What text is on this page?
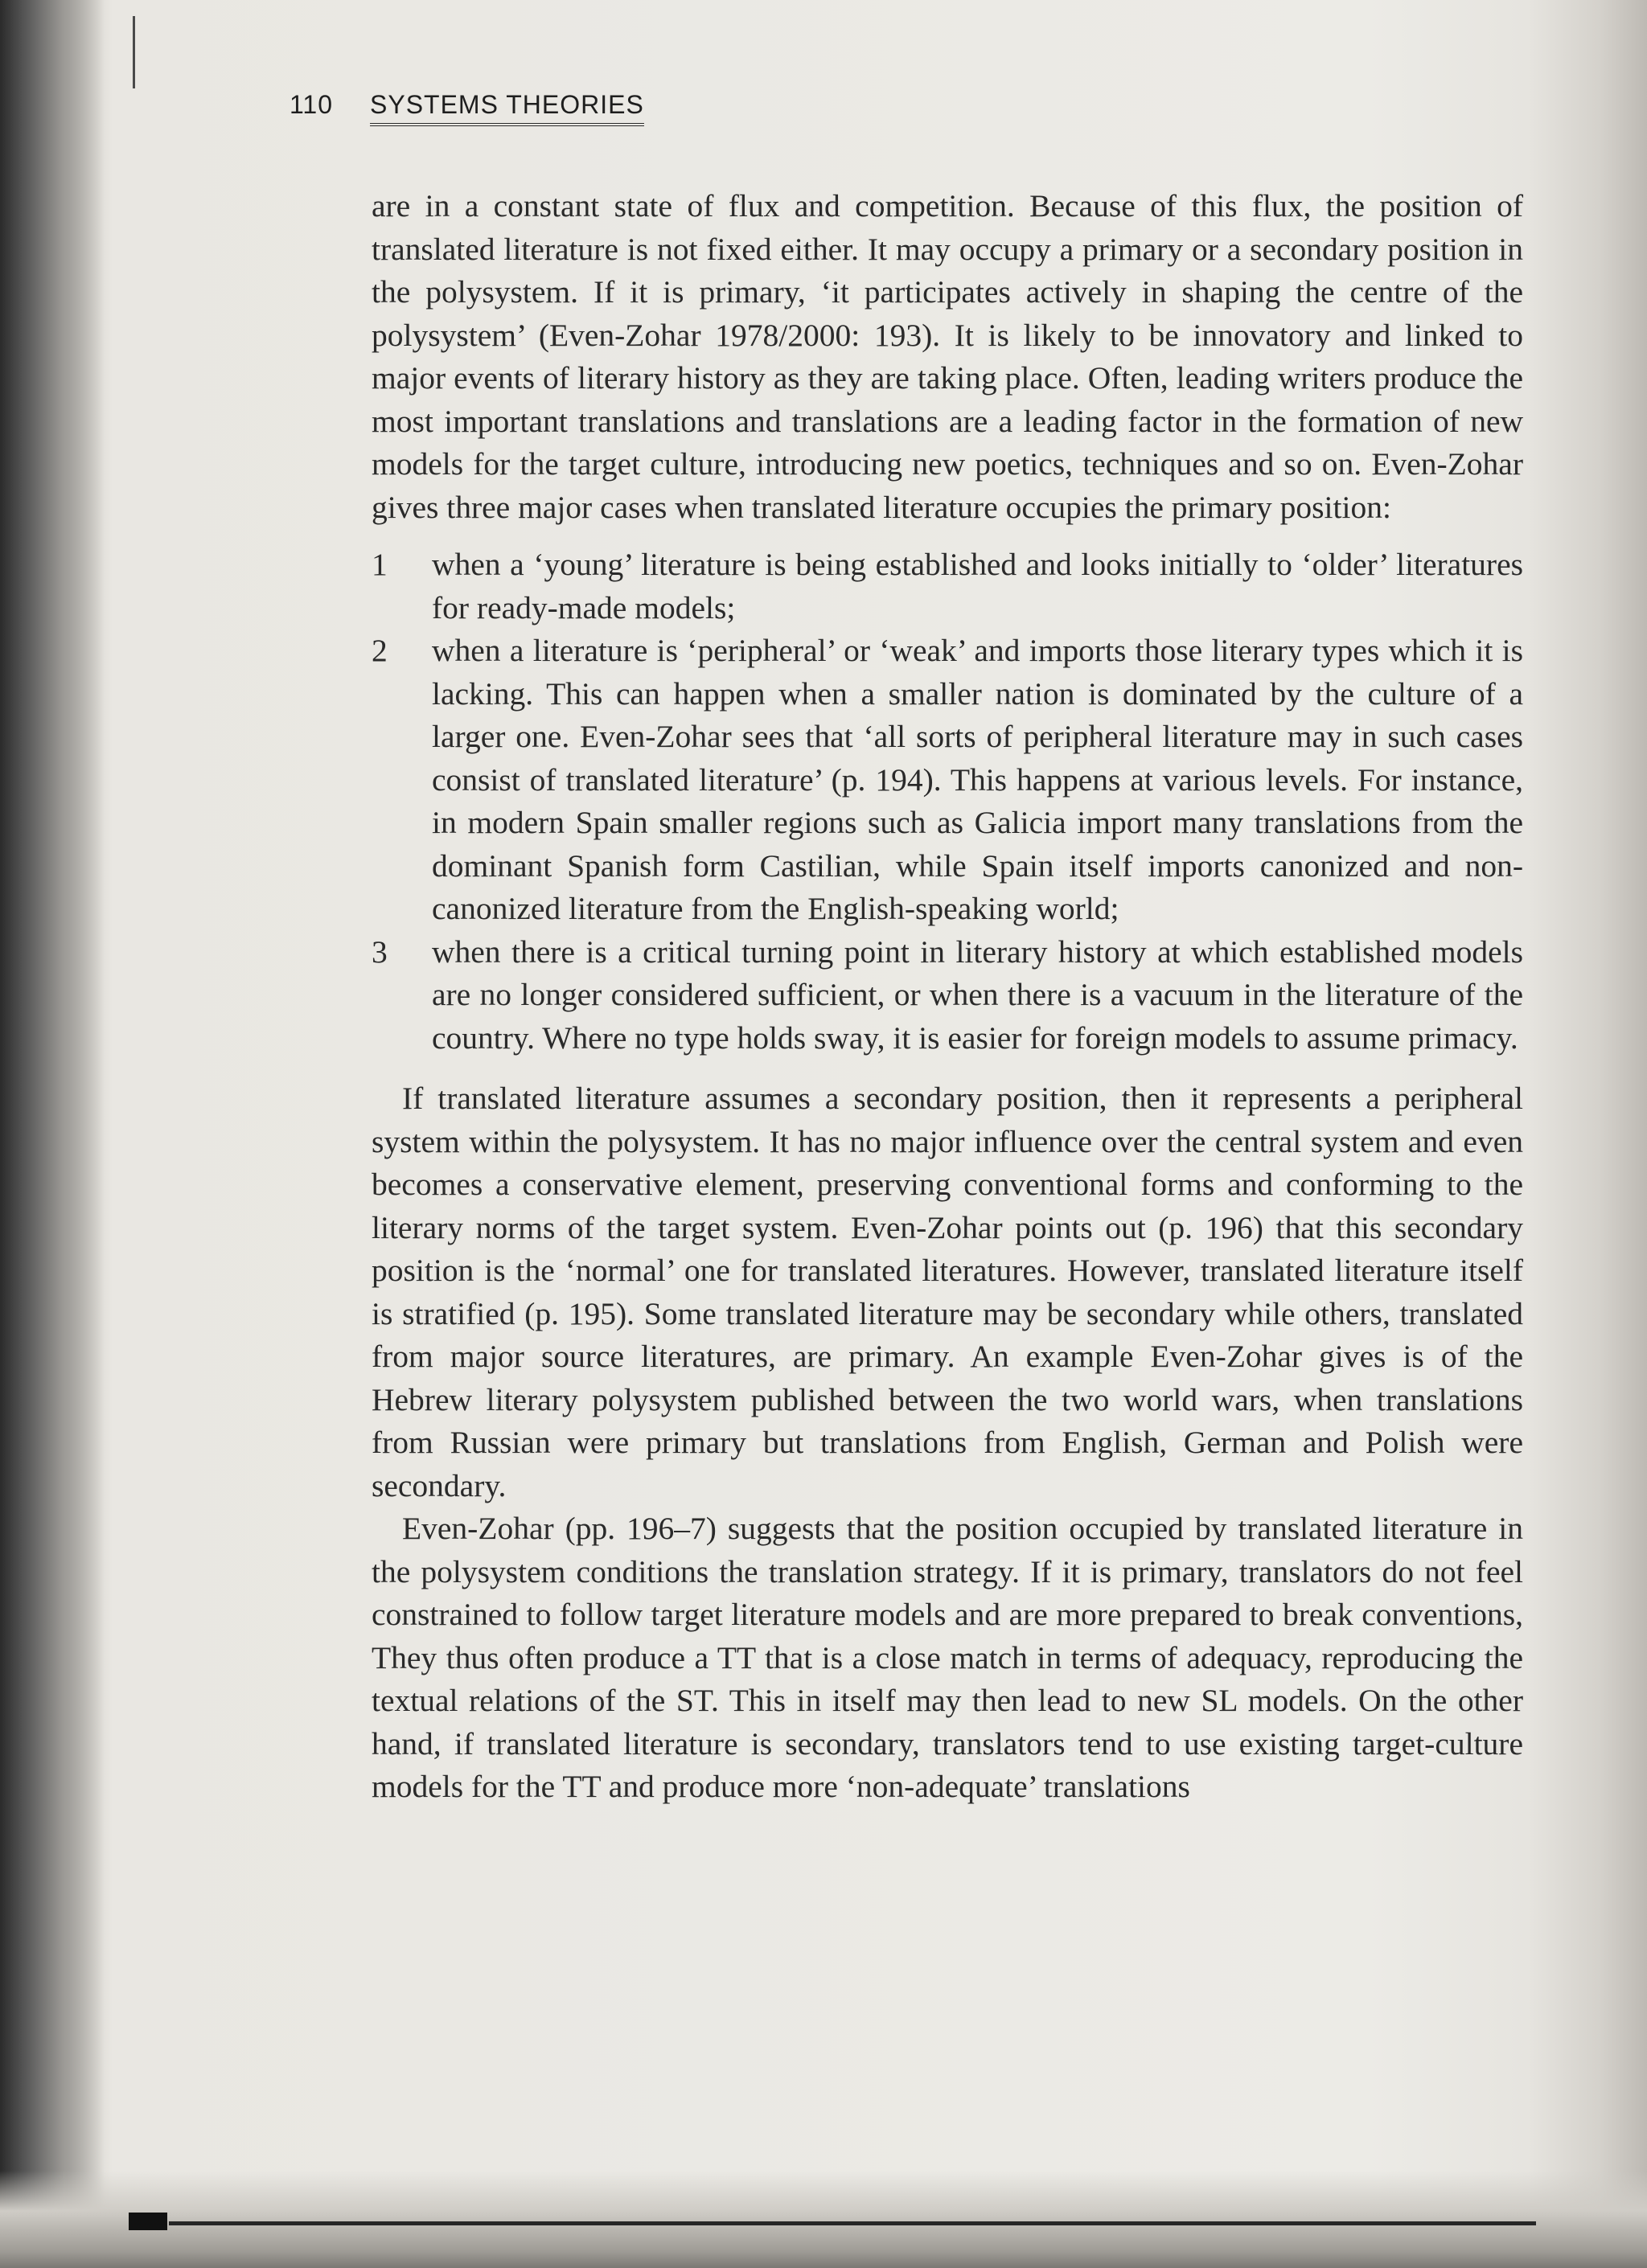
110 SYSTEMS THEORIES

are in a constant state of flux and competition. Because of this flux, the position of translated literature is not fixed either. It may occupy a primary or a secondary position in the polysystem. If it is primary, ‘it participates actively in shaping the centre of the polysystem’ (Even-Zohar 1978/2000: 193). It is likely to be innovatory and linked to major events of literary history as they are taking place. Often, leading writers produce the most important translations and translations are a leading factor in the formation of new models for the target culture, introducing new poetics, techniques and so on. Even-Zohar gives three major cases when translated literature occupies the primary position:

1 when a ‘young’ literature is being established and looks initially to ‘older’ literatures for ready-made models;
2 when a literature is ‘peripheral’ or ‘weak’ and imports those literary types which it is lacking. This can happen when a smaller nation is dominated by the culture of a larger one. Even-Zohar sees that ‘all sorts of peripheral literature may in such cases consist of translated literature’ (p. 194). This happens at various levels. For instance, in modern Spain smaller regions such as Galicia import many translations from the dominant Spanish form Castilian, while Spain itself imports canonized and non-canonized literature from the English-speaking world;
3 when there is a critical turning point in literary history at which established models are no longer considered sufficient, or when there is a vacuum in the literature of the country. Where no type holds sway, it is easier for foreign models to assume primacy.

If translated literature assumes a secondary position, then it represents a peripheral system within the polysystem. It has no major influence over the central system and even becomes a conservative element, preserving conventional forms and conforming to the literary norms of the target system. Even-Zohar points out (p. 196) that this secondary position is the ‘normal’ one for translated literatures. However, translated literature itself is stratified (p. 195). Some translated literature may be secondary while others, translated from major source literatures, are primary. An example Even-Zohar gives is of the Hebrew literary polysystem published between the two world wars, when translations from Russian were primary but translations from English, German and Polish were secondary.

Even-Zohar (pp. 196–7) suggests that the position occupied by translated literature in the polysystem conditions the translation strategy. If it is primary, translators do not feel constrained to follow target literature models and are more prepared to break conventions, They thus often produce a TT that is a close match in terms of adequacy, reproducing the textual relations of the ST. This in itself may then lead to new SL models. On the other hand, if translated literature is secondary, translators tend to use existing target-culture models for the TT and produce more ‘non-adequate’ translations
